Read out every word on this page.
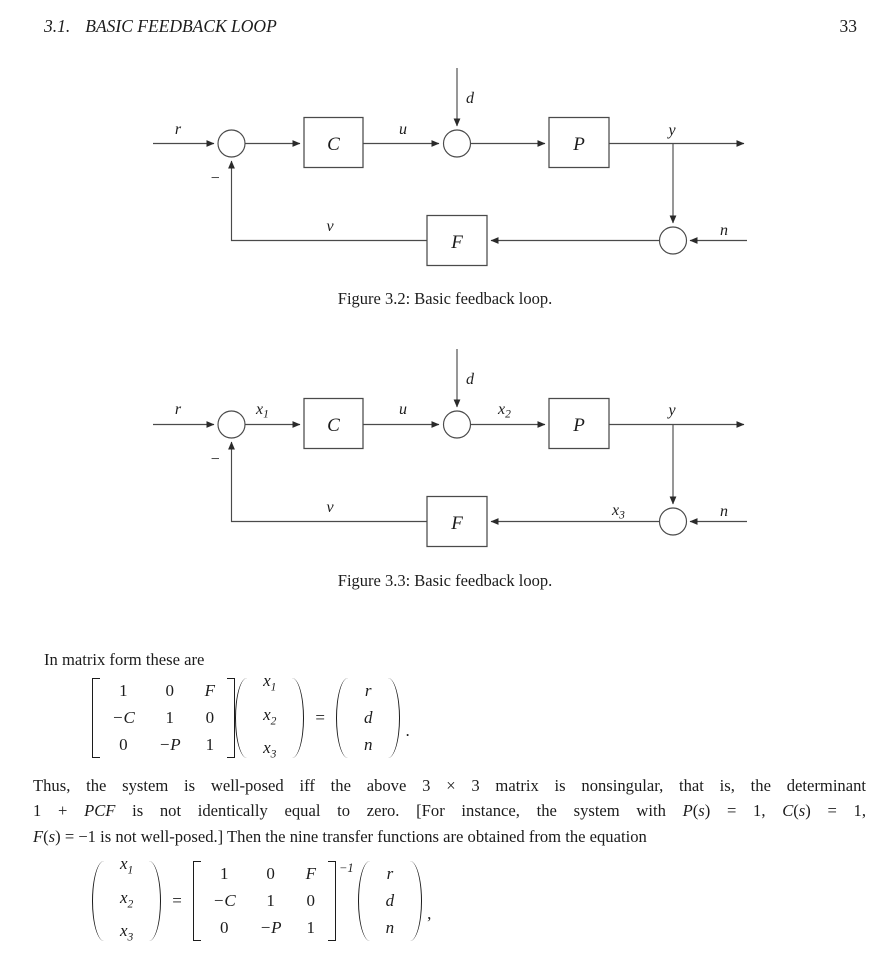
3.1. BASIC FEEDBACK LOOP	33
r
−
u
d
y
n
v
C	P
F
Figure 3.2: Basic feedback loop.
r
−
$x_1$	u
d
$x_2$	y
$x_3$	n
v
C	P
F
Figure 3.3: Basic feedback loop.
In matrix form these are
1 0 F
−C 1 0
0 −P 1
$x_1$
$x_2$
$x_3$
=
r
d
n
.
Thus, the system is well-posed iff the above 3 × 3 matrix is nonsingular, that is, the determinant
1 + PCF is not identically equal to zero. [For instance, the system with P(s) = 1, C(s) = 1,
F(s) = −1 is not well-posed.] Then the nine transfer functions are obtained from the equation
$x_1$
$x_2$
$x_3$
=
1 0 F
−C 1 0
0 −P 1
−1 r
d
n
,
